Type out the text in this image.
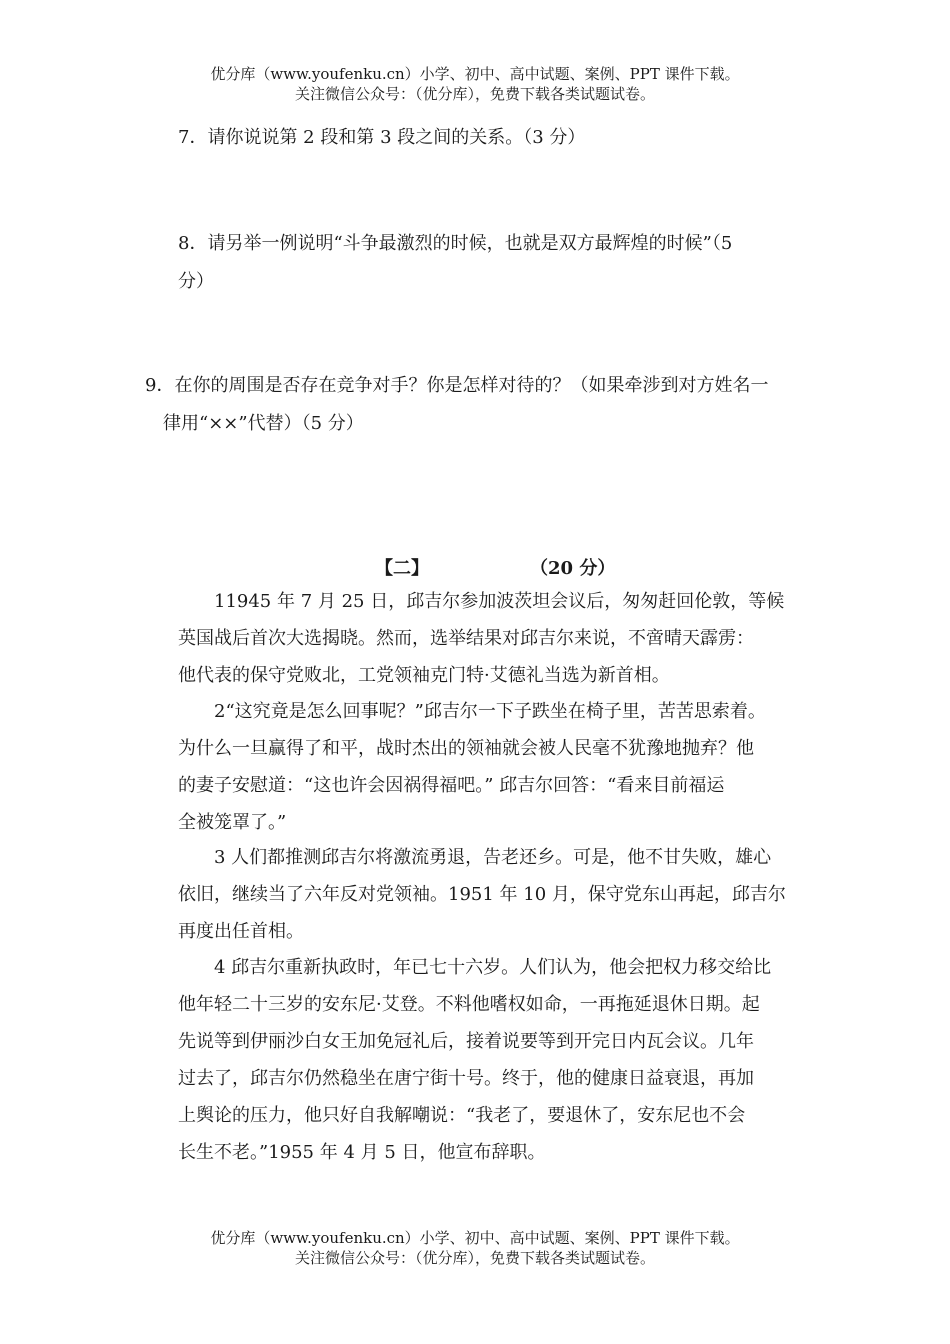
优分库（www.youfenku.cn）小学、初中、高中试题、案例、PPT 课件下载。
关注微信公众号：（优分库），免费下载各类试题试卷。
7．请你说说第 2 段和第 3 段之间的关系。（3 分）
8．请另举一例说明“斗争最激烈的时候，也就是双方最辉煌的时候”（5
分）
9．在你的周围是否存在竞争对手？你是怎样对待的？（如果牵涉到对方姓名一
律用“××”代替）（5 分）
【二】	（20 分）
11945 年 7 月 25 日，邱吉尔参加波茨坦会议后，匆匆赶回伦敦，等候
英国战后首次大选揭晓。然而，选举结果对邱吉尔来说，不啻晴天霹雳：
他代表的保守党败北，工党领袖克门特·艾德礼当选为新首相。
2“这究竟是怎么回事呢？”邱吉尔一下子跌坐在椅子里，苦苦思索着。
为什么一旦赢得了和平，战时杰出的领袖就会被人民毫不犹豫地抛弃？他
的妻子安慰道：“这也许会因祸得福吧。” 邱吉尔回答：“看来目前福运
全被笼罩了。”
3 人们都推测邱吉尔将激流勇退，告老还乡。可是，他不甘失败，雄心
依旧，继续当了六年反对党领袖。1951 年 10 月，保守党东山再起，邱吉尔
再度出任首相。
4 邱吉尔重新执政时，年已七十六岁。人们认为，他会把权力移交给比
他年轻二十三岁的安东尼·艾登。不料他嗜权如命，一再拖延退休日期。起
先说等到伊丽沙白女王加免冠礼后，接着说要等到开完日内瓦会议。几年
过去了，邱吉尔仍然稳坐在唐宁街十号。终于，他的健康日益衰退，再加
上舆论的压力，他只好自我解嘲说：“我老了，要退休了，安东尼也不会
长生不老。”1955 年 4 月 5 日，他宣布辞职。
优分库（www.youfenku.cn）小学、初中、高中试题、案例、PPT 课件下载。
关注微信公众号：（优分库），免费下载各类试题试卷。
